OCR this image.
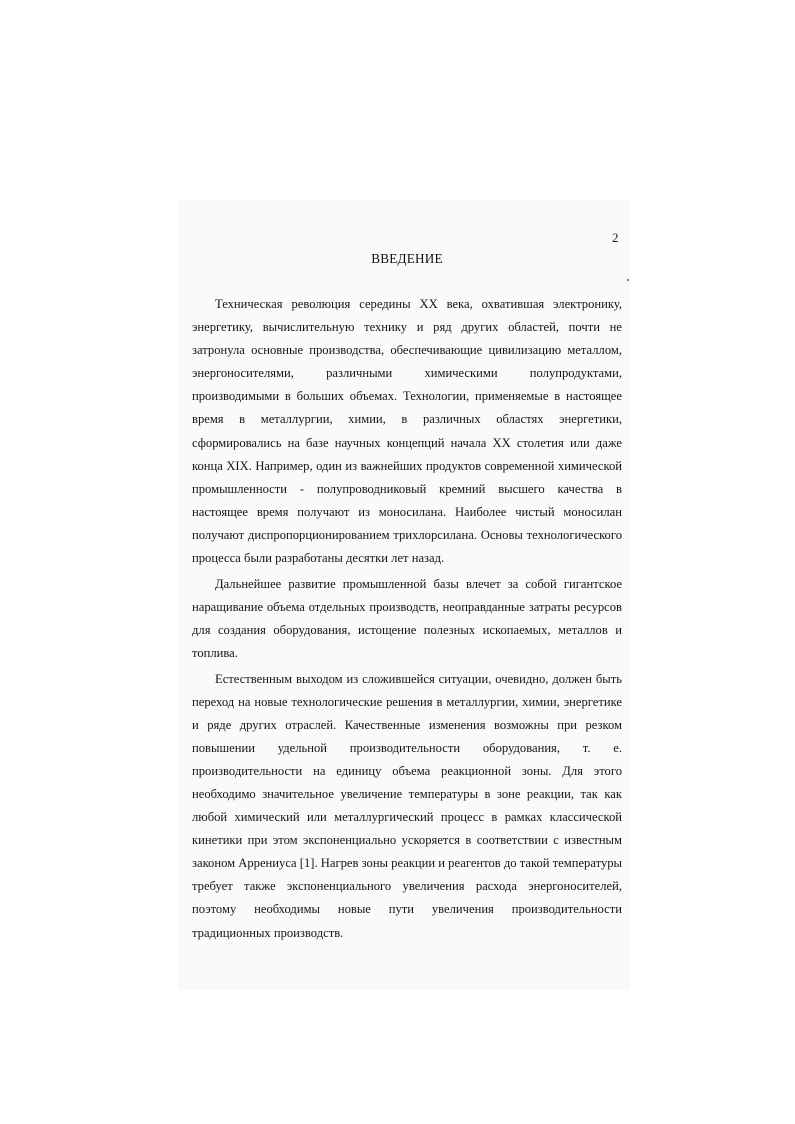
2
ВВЕДЕНИЕ

Техническая революция середины XX века, охватившая электронику, энергетику, вычислительную технику и ряд других областей, почти не затронула основные производства, обеспечивающие цивилизацию металлом, энергоносителями, различными химическими полупродуктами, производимыми в больших объемах. Технологии, применяемые в настоящее время в металлургии, химии, в различных областях энергетики, сформировались на базе научных концепций начала XX столетия или даже конца XIX. Например, один из важнейших продуктов современной химической промышленности - полупроводниковый кремний высшего качества в настоящее время получают из моносилана. Наиболее чистый моносилан получают диспропорционированием трихлорсилана. Основы технологического процесса были разработаны десятки лет назад.

Дальнейшее развитие промышленной базы влечет за собой гигантское наращивание объема отдельных производств, неоправданные затраты ресурсов для создания оборудования, истощение полезных ископаемых, металлов и топлива.

Естественным выходом из сложившейся ситуации, очевидно, должен быть переход на новые технологические решения в металлургии, химии, энергетике и ряде других отраслей. Качественные изменения возможны при резком повышении удельной производительности оборудования, т. е. производительности на единицу объема реакционной зоны. Для этого необходимо значительное увеличение температуры в зоне реакции, так как любой химический или металлургический процесс в рамках классической кинетики при этом экспоненциально ускоряется в соответствии с известным законом Аррениуса [1]. Нагрев зоны реакции и реагентов до такой температуры требует также экспоненциального увеличения расхода энергоносителей, поэтому необходимы новые пути увеличения производительности традиционных производств.
